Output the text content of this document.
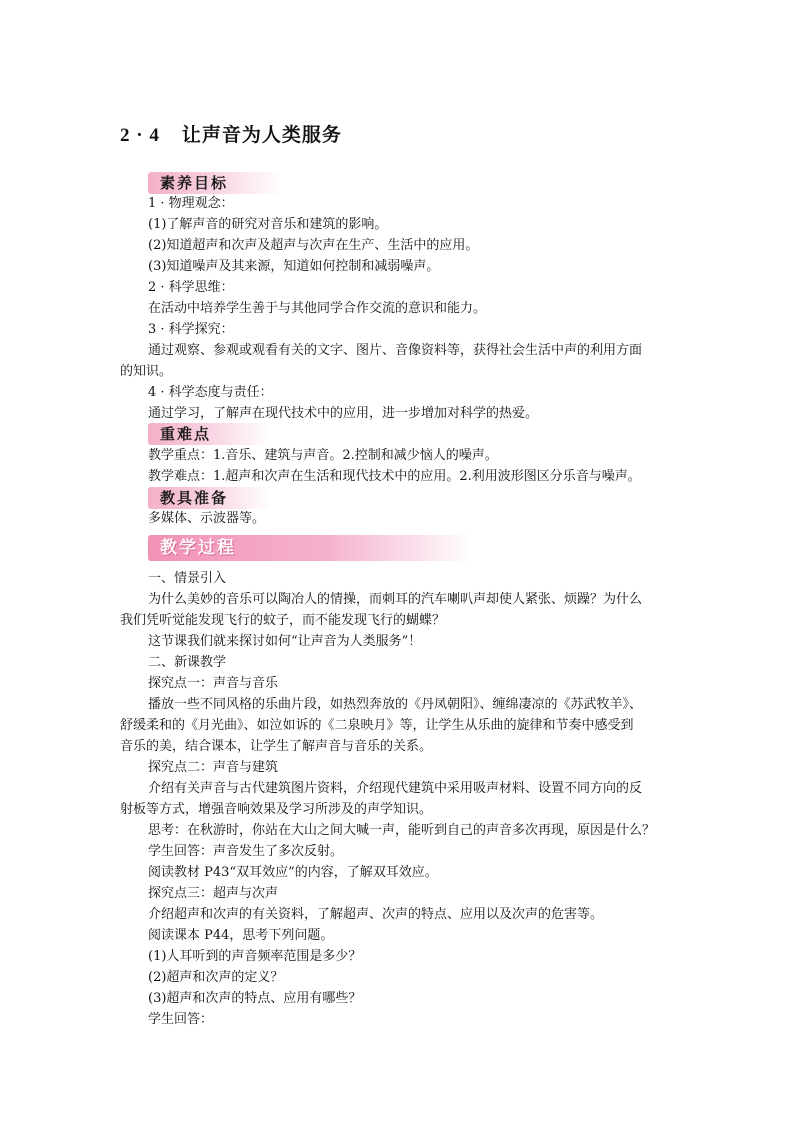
2 · 4 让声音为人类服务
素养目标
1 · 物理观念：
(1)了解声音的研究对音乐和建筑的影响。
(2)知道超声和次声及超声与次声在生产、生活中的应用。
(3)知道噪声及其来源，知道如何控制和减弱噪声。
2 · 科学思维：
在活动中培养学生善于与其他同学合作交流的意识和能力。
3 · 科学探究：
通过观察、参观或观看有关的文字、图片、音像资料等，获得社会生活中声的利用方面
的知识。
4 · 科学态度与责任：
通过学习，了解声在现代技术中的应用，进一步增加对科学的热爱。
重难点
教学重点：1.音乐、建筑与声音。2.控制和减少恼人的噪声。
教学难点：1.超声和次声在生活和现代技术中的应用。2.利用波形图区分乐音与噪声。
教具准备
多媒体、示波器等。
教学过程
一、情景引入
为什么美妙的音乐可以陶冶人的情操，而刺耳的汽车喇叭声却使人紧张、烦躁？为什么
我们凭听觉能发现飞行的蚊子，而不能发现飞行的蝴蝶？
这节课我们就来探讨如何“让声音为人类服务”！
二、新课教学
探究点一：声音与音乐
播放一些不同风格的乐曲片段，如热烈奔放的《丹凤朝阳》、缠绵凄凉的《苏武牧羊》、
舒缓柔和的《月光曲》、如泣如诉的《二泉映月》等，让学生从乐曲的旋律和节奏中感受到
音乐的美，结合课本，让学生了解声音与音乐的关系。
探究点二：声音与建筑
介绍有关声音与古代建筑图片资料，介绍现代建筑中采用吸声材料、设置不同方向的反
射板等方式，增强音响效果及学习所涉及的声学知识。
思考：在秋游时，你站在大山之间大喊一声，能听到自己的声音多次再现，原因是什么？
学生回答：声音发生了多次反射。
阅读教材 P43“双耳效应”的内容，了解双耳效应。
探究点三：超声与次声
介绍超声和次声的有关资料，了解超声、次声的特点、应用以及次声的危害等。
阅读课本 P44，思考下列问题。
(1)人耳听到的声音频率范围是多少？
(2)超声和次声的定义？
(3)超声和次声的特点、应用有哪些？
学生回答：
